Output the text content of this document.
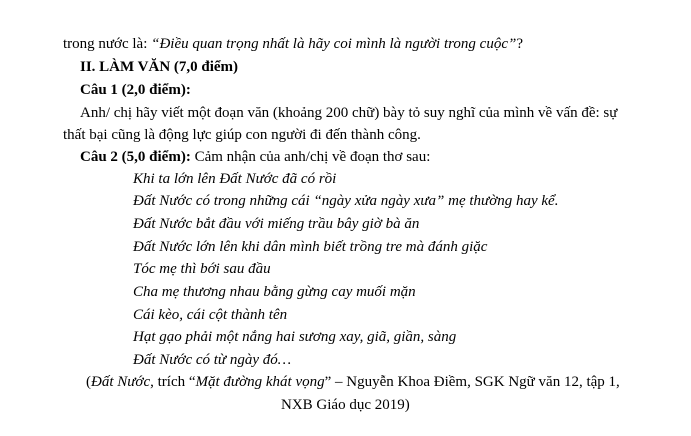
trong nước là: “Điều quan trọng nhất là hãy coi mình là người trong cuộc”?
II. LÀM VĂN (7,0 điểm)
Câu 1 (2,0 điểm):
Anh/ chị hãy viết một đoạn văn (khoảng 200 chữ) bày tỏ suy nghĩ của mình về vấn đề: sự
thất bại cũng là động lực giúp con người đi đến thành công.
Câu 2 (5,0 điểm): Cảm nhận của anh/chị về đoạn thơ sau:
Khi ta lớn lên Đất Nước đã có rồi
Đất Nước có trong những cái “ngày xửa ngày xưa” mẹ thường hay kể.
Đất Nước bắt đầu với miếng trầu bây giờ bà ăn
Đất Nước lớn lên khi dân mình biết trồng tre mà đánh giặc
Tóc mẹ thì bới sau đầu
Cha mẹ thương nhau bằng gừng cay muối mặn
Cái kèo, cái cột thành tên
Hạt gạo phải một nắng hai sương xay, giã, giần, sàng
Đất Nước có từ ngày đó…
(Đất Nước, trích “Mặt đường khát vọng” – Nguyễn Khoa Điềm, SGK Ngữ văn 12, tập 1,
NXB Giáo dục 2019)
